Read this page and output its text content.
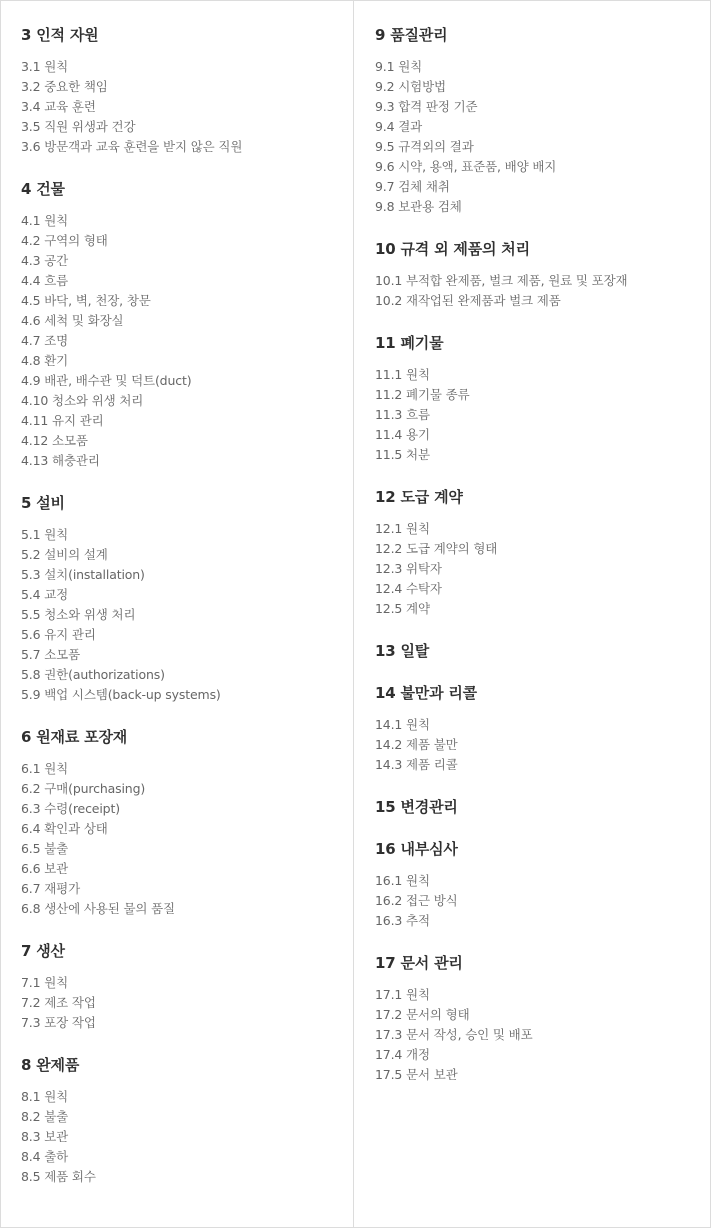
3 인적 자원
3.1 원칙
3.2 중요한 책임
3.4 교육 훈련
3.5 직원 위생과 건강
3.6 방문객과 교육 훈련을 받지 않은 직원
4 건물
4.1 원칙
4.2 구역의 형태
4.3 공간
4.4 흐름
4.5 바닥, 벽, 천장, 창문
4.6 세척 및 화장실
4.7 조명
4.8 환기
4.9 배관, 배수관 및 덕트(duct)
4.10 청소와 위생 처리
4.11 유지 관리
4.12 소모품
4.13 해충관리
5 설비
5.1 원칙
5.2 설비의 설계
5.3 설치(installation)
5.4 교정
5.5 청소와 위생 처리
5.6 유지 관리
5.7 소모품
5.8 권한(authorizations)
5.9 백업 시스템(back-up systems)
6 원재료 포장재
6.1 원칙
6.2 구매(purchasing)
6.3 수령(receipt)
6.4 확인과 상태
6.5 불출
6.6 보관
6.7 재평가
6.8 생산에 사용된 물의 품질
7 생산
7.1 원칙
7.2 제조 작업
7.3 포장 작업
8 완제품
8.1 원칙
8.2 불출
8.3 보관
8.4 출하
8.5 제품 회수
9 품질관리
9.1 원칙
9.2 시험방법
9.3 합격 판정 기준
9.4 결과
9.5 규격외의 결과
9.6 시약, 용액, 표준품, 배양 배지
9.7 검체 채취
9.8 보관용 검체
10 규격 외 제품의 처리
10.1 부적합 완제품, 벌크 제품, 원료 및 포장재
10.2 재작업된 완제품과 벌크 제품
11 폐기물
11.1 원칙
11.2 폐기물 종류
11.3 흐름
11.4 용기
11.5 처분
12 도급 계약
12.1 원칙
12.2 도급 계약의 형태
12.3 위탁자
12.4 수탁자
12.5 계약
13 일탈
14 불만과 리콜
14.1 원칙
14.2 제품 불만
14.3 제품 리콜
15 변경관리
16 내부심사
16.1 원칙
16.2 접근 방식
16.3 추적
17 문서 관리
17.1 원칙
17.2 문서의 형태
17.3 문서 작성, 승인 및 배포
17.4 개정
17.5 문서 보관
